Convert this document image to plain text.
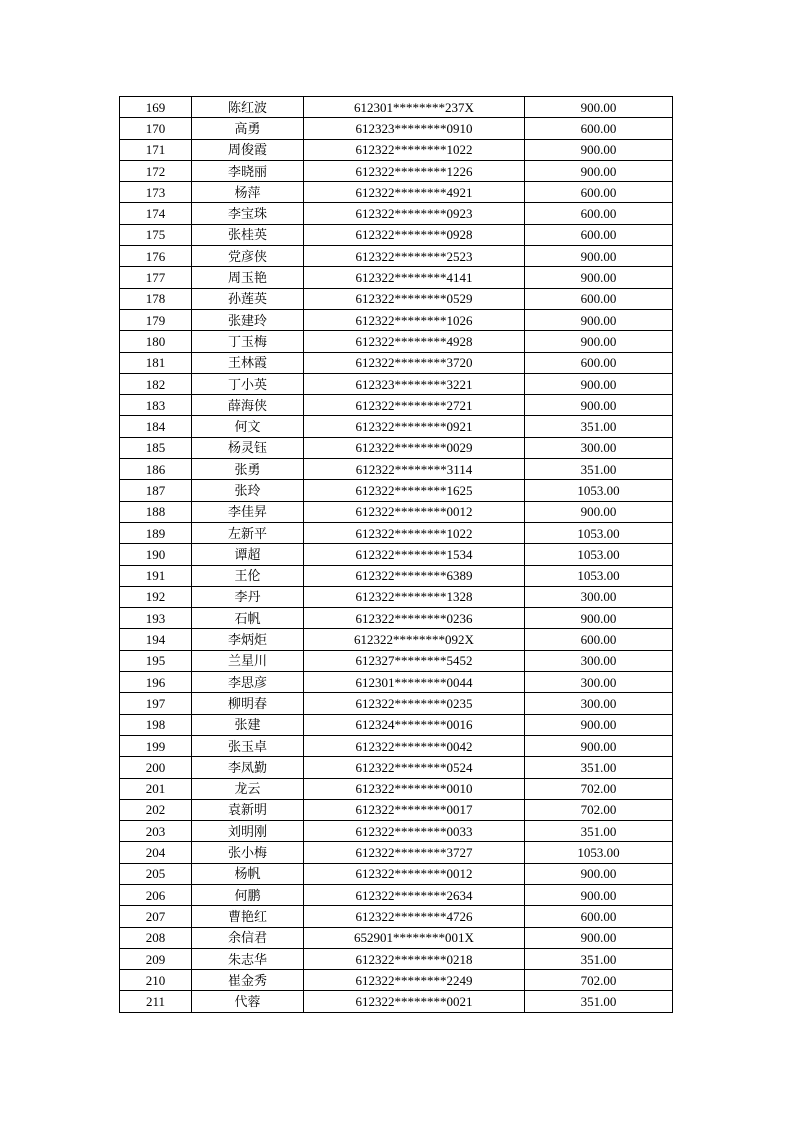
169	陈红波	612301********237X	900.00
170	高勇	612323********0910	600.00
171	周俊霞	612322********1022	900.00
172	李晓丽	612322********1226	900.00
173	杨萍	612322********4921	600.00
174	李宝珠	612322********0923	600.00
175	张桂英	612322********0928	600.00
176	党彦侠	612322********2523	900.00
177	周玉艳	612322********4141	900.00
178	孙莲英	612322********0529	600.00
179	张建玲	612322********1026	900.00
180	丁玉梅	612322********4928	900.00
181	王林霞	612322********3720	600.00
182	丁小英	612323********3221	900.00
183	薛海侠	612322********2721	900.00
184	何文	612322********0921	351.00
185	杨灵钰	612322********0029	300.00
186	张勇	612322********3114	351.00
187	张玲	612322********1625	1053.00
188	李佳昇	612322********0012	900.00
189	左新平	612322********1022	1053.00
190	谭超	612322********1534	1053.00
191	王伦	612322********6389	1053.00
192	李丹	612322********1328	300.00
193	石帆	612322********0236	900.00
194	李炳炬	612322********092X	600.00
195	兰星川	612327********5452	300.00
196	李思彦	612301********0044	300.00
197	柳明春	612322********0235	300.00
198	张建	612324********0016	900.00
199	张玉卓	612322********0042	900.00
200	李凤勤	612322********0524	351.00
201	龙云	612322********0010	702.00
202	袁新明	612322********0017	702.00
203	刘明刚	612322********0033	351.00
204	张小梅	612322********3727	1053.00
205	杨帆	612322********0012	900.00
206	何鹏	612322********2634	900.00
207	曹艳红	612322********4726	600.00
208	余信君	652901********001X	900.00
209	朱志华	612322********0218	351.00
210	崔金秀	612322********2249	702.00
211	代蓉	612322********0021	351.00
